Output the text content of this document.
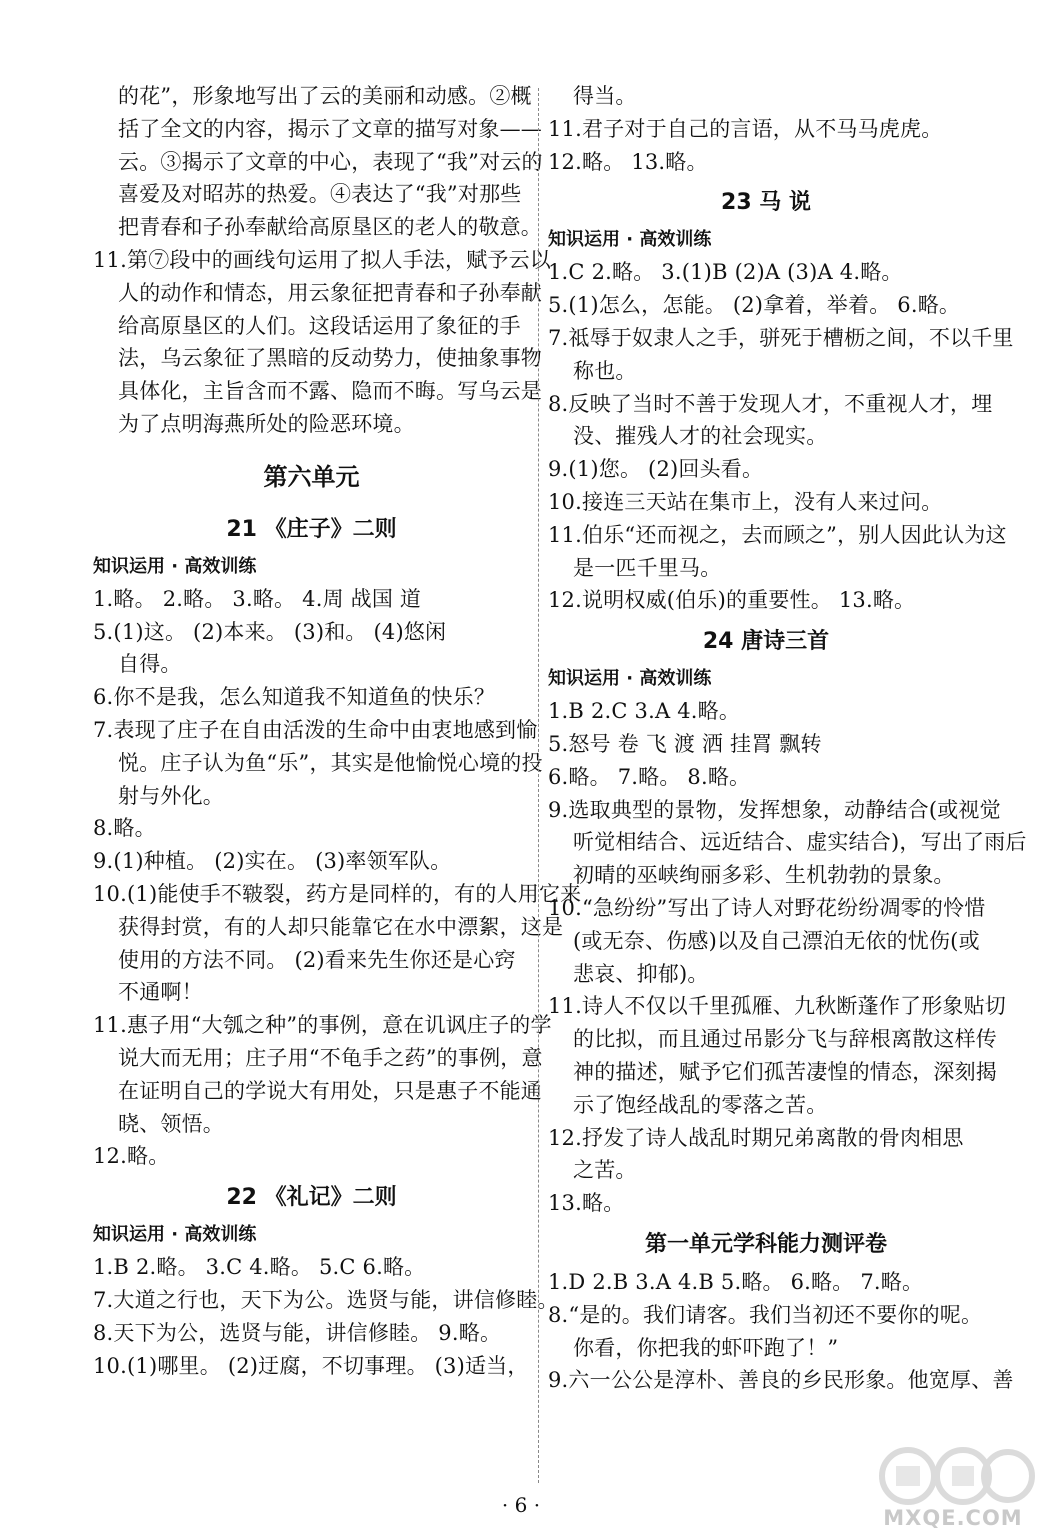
的花”，形象地写出了云的美丽和动感。②概
括了全文的内容，揭示了文章的描写对象——
云。③揭示了文章的中心，表现了“我”对云的
喜爱及对昭苏的热爱。④表达了“我”对那些
把青春和子孙奉献给高原垦区的老人的敬意。
11.第⑦段中的画线句运用了拟人手法，赋予云以
人的动作和情态，用云象征把青春和子孙奉献
给高原垦区的人们。这段话运用了象征的手
法，乌云象征了黑暗的反动势力，使抽象事物
具体化，主旨含而不露、隐而不晦。写乌云是
为了点明海燕所处的险恶环境。
第六单元
21 《庄子》二则
知识运用 · 高效训练
1.略。 2.略。 3.略。 4.周 战国 道
5.(1)这。 (2)本来。 (3)和。 (4)悠闲
自得。
6.你不是我，怎么知道我不知道鱼的快乐？
7.表现了庄子在自由活泼的生命中由衷地感到愉
悦。庄子认为鱼“乐”，其实是他愉悦心境的投
射与外化。
8.略。
9.(1)种植。 (2)实在。 (3)率领军队。
10.(1)能使手不皲裂，药方是同样的，有的人用它来
获得封赏，有的人却只能靠它在水中漂絮，这是
使用的方法不同。 (2)看来先生你还是心窍
不通啊！
11.惠子用“大瓠之种”的事例，意在讥讽庄子的学
说大而无用；庄子用“不龟手之药”的事例，意
在证明自己的学说大有用处，只是惠子不能通
晓、领悟。
12.略。
22 《礼记》二则
知识运用 · 高效训练
1.B 2.略。 3.C 4.略。 5.C 6.略。
7.大道之行也，天下为公。选贤与能，讲信修睦。
8.天下为公，选贤与能，讲信修睦。 9.略。
10.(1)哪里。 (2)迂腐，不切事理。 (3)适当，
得当。
11.君子对于自己的言语，从不马马虎虎。
12.略。 13.略。
23 马 说
知识运用 · 高效训练
1.C 2.略。 3.(1)B (2)A (3)A 4.略。
5.(1)怎么，怎能。 (2)拿着，举着。 6.略。
7.祗辱于奴隶人之手，骈死于槽枥之间，不以千里
称也。
8.反映了当时不善于发现人才，不重视人才，埋
没、摧残人才的社会现实。
9.(1)您。 (2)回头看。
10.接连三天站在集市上，没有人来过问。
11.伯乐“还而视之，去而顾之”，别人因此认为这
是一匹千里马。
12.说明权威(伯乐)的重要性。 13.略。
24 唐诗三首
知识运用 · 高效训练
1.B 2.C 3.A 4.略。
5.怒号 卷 飞 渡 洒 挂罥 飘转
6.略。 7.略。 8.略。
9.选取典型的景物，发挥想象，动静结合(或视觉
听觉相结合、远近结合、虚实结合)，写出了雨后
初晴的巫峡绚丽多彩、生机勃勃的景象。
10.“急纷纷”写出了诗人对野花纷纷凋零的怜惜
(或无奈、伤感)以及自己漂泊无依的忧伤(或
悲哀、抑郁)。
11.诗人不仅以千里孤雁、九秋断蓬作了形象贴切
的比拟，而且通过吊影分飞与辞根离散这样传
神的描述，赋予它们孤苦凄惶的情态，深刻揭
示了饱经战乱的零落之苦。
12.抒发了诗人战乱时期兄弟离散的骨肉相思
之苦。
13.略。
第一单元学科能力测评卷
1.D 2.B 3.A 4.B 5.略。 6.略。 7.略。
8.“是的。我们请客。我们当初还不要你的呢。
你看，你把我的虾吓跑了！”
9.六一公公是淳朴、善良的乡民形象。他宽厚、善
· 6 ·
MXQE.COM
